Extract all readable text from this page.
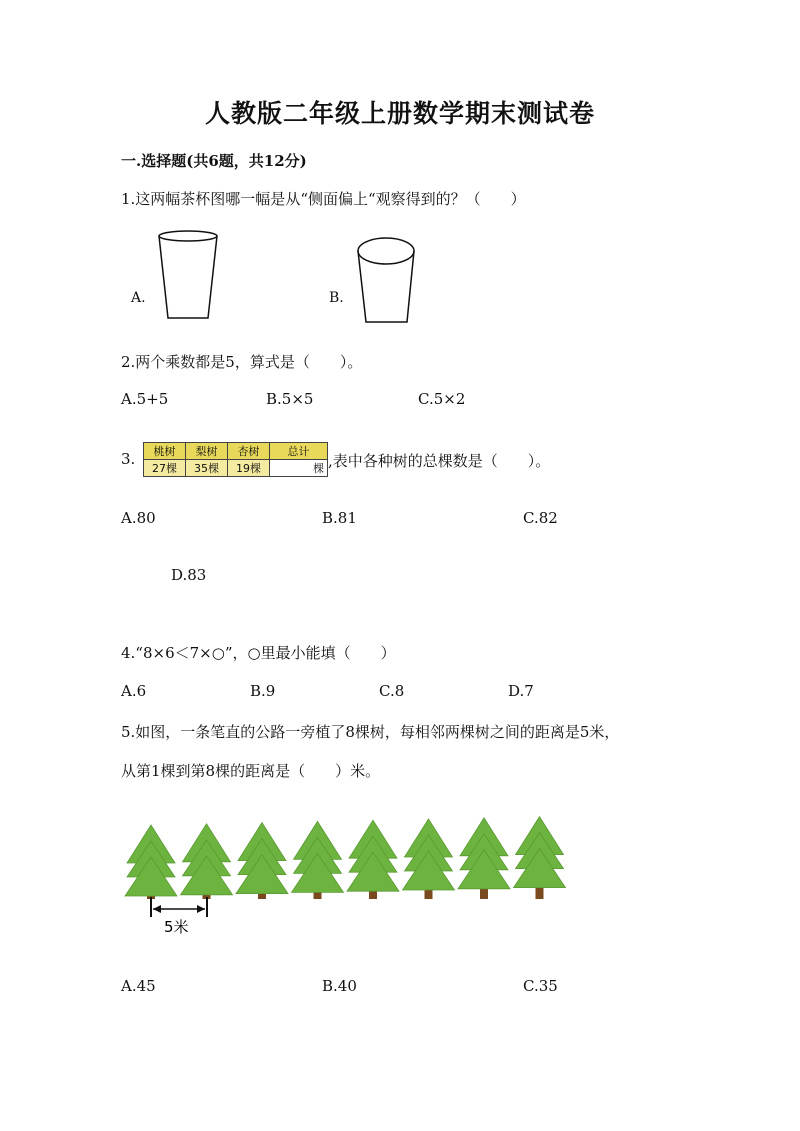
人教版二年级上册数学期末测试卷
一.选择题(共6题，共12分)
1.这两幅茶杯图哪一幅是从“侧面偏上“观察得到的？（　　）
A.	B.
2.两个乘数都是5，算式是（　　）。
A.5+5	B.5×5	C.5×2
3. 桃树	梨树	杏树	总计
27棵	35棵	19棵	棵 ,表中各种树的总棵数是（　　）。
A.80	B.81	C.82
D.83
4.“8×6＜7×○”，○里最小能填（　　）
A.6	B.9	C.8	D.7
5.如图，一条笔直的公路一旁植了8棵树，每相邻两棵树之间的距离是5米，
从第1棵到第8棵的距离是（　　）米。
5米
A.45	B.40	C.35
